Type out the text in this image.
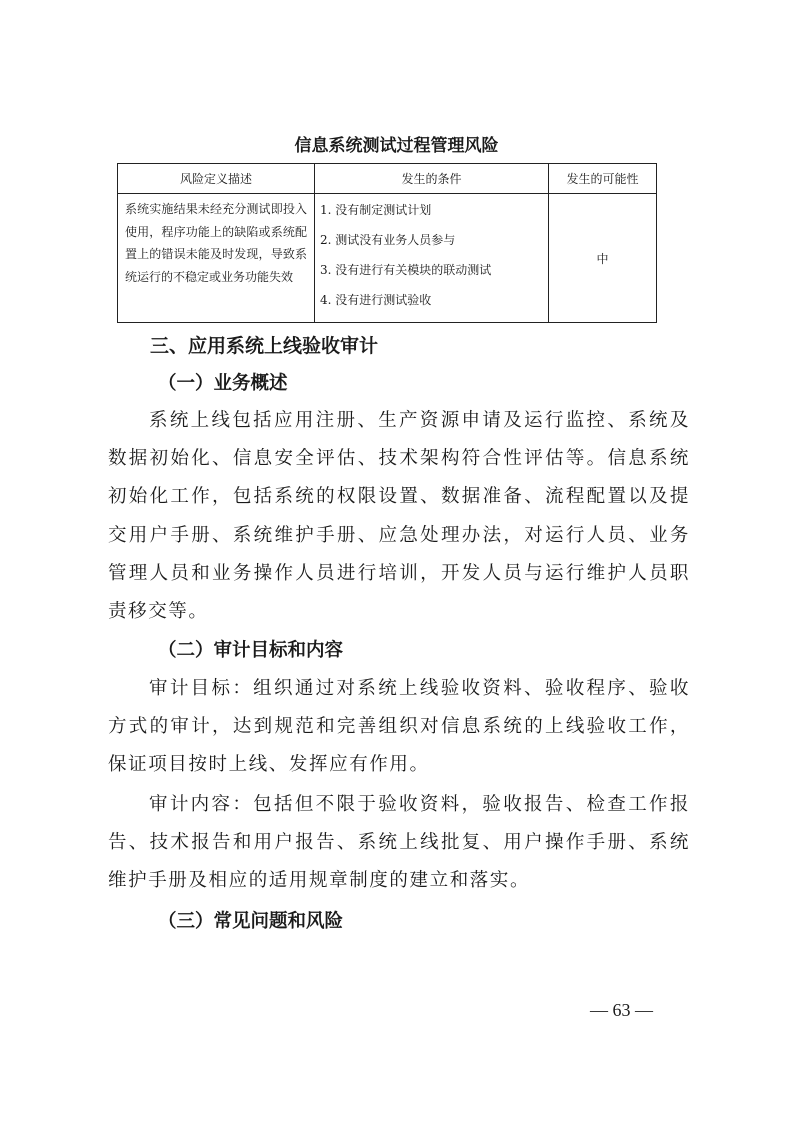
信息系统测试过程管理风险
风险定义描述	发生的条件	发生的可能性
系统实施结果未经充分测试即投入使用，程序功能上的缺陷或系统配置上的错误未能及时发现，导致系统运行的不稳定或业务功能失效	1. 没有制定测试计划
2. 测试没有业务人员参与
3. 没有进行有关模块的联动测试
4. 没有进行测试验收	中
三、应用系统上线验收审计
（一）业务概述
系统上线包括应用注册、生产资源申请及运行监控、系统及数据初始化、信息安全评估、技术架构符合性评估等。信息系统初始化工作，包括系统的权限设置、数据准备、流程配置以及提交用户手册、系统维护手册、应急处理办法，对运行人员、业务管理人员和业务操作人员进行培训，开发人员与运行维护人员职责移交等。
（二）审计目标和内容
审计目标：组织通过对系统上线验收资料、验收程序、验收方式的审计，达到规范和完善组织对信息系统的上线验收工作，保证项目按时上线、发挥应有作用。
审计内容：包括但不限于验收资料，验收报告、检查工作报告、技术报告和用户报告、系统上线批复、用户操作手册、系统维护手册及相应的适用规章制度的建立和落实。
（三）常见问题和风险
— 63 —
